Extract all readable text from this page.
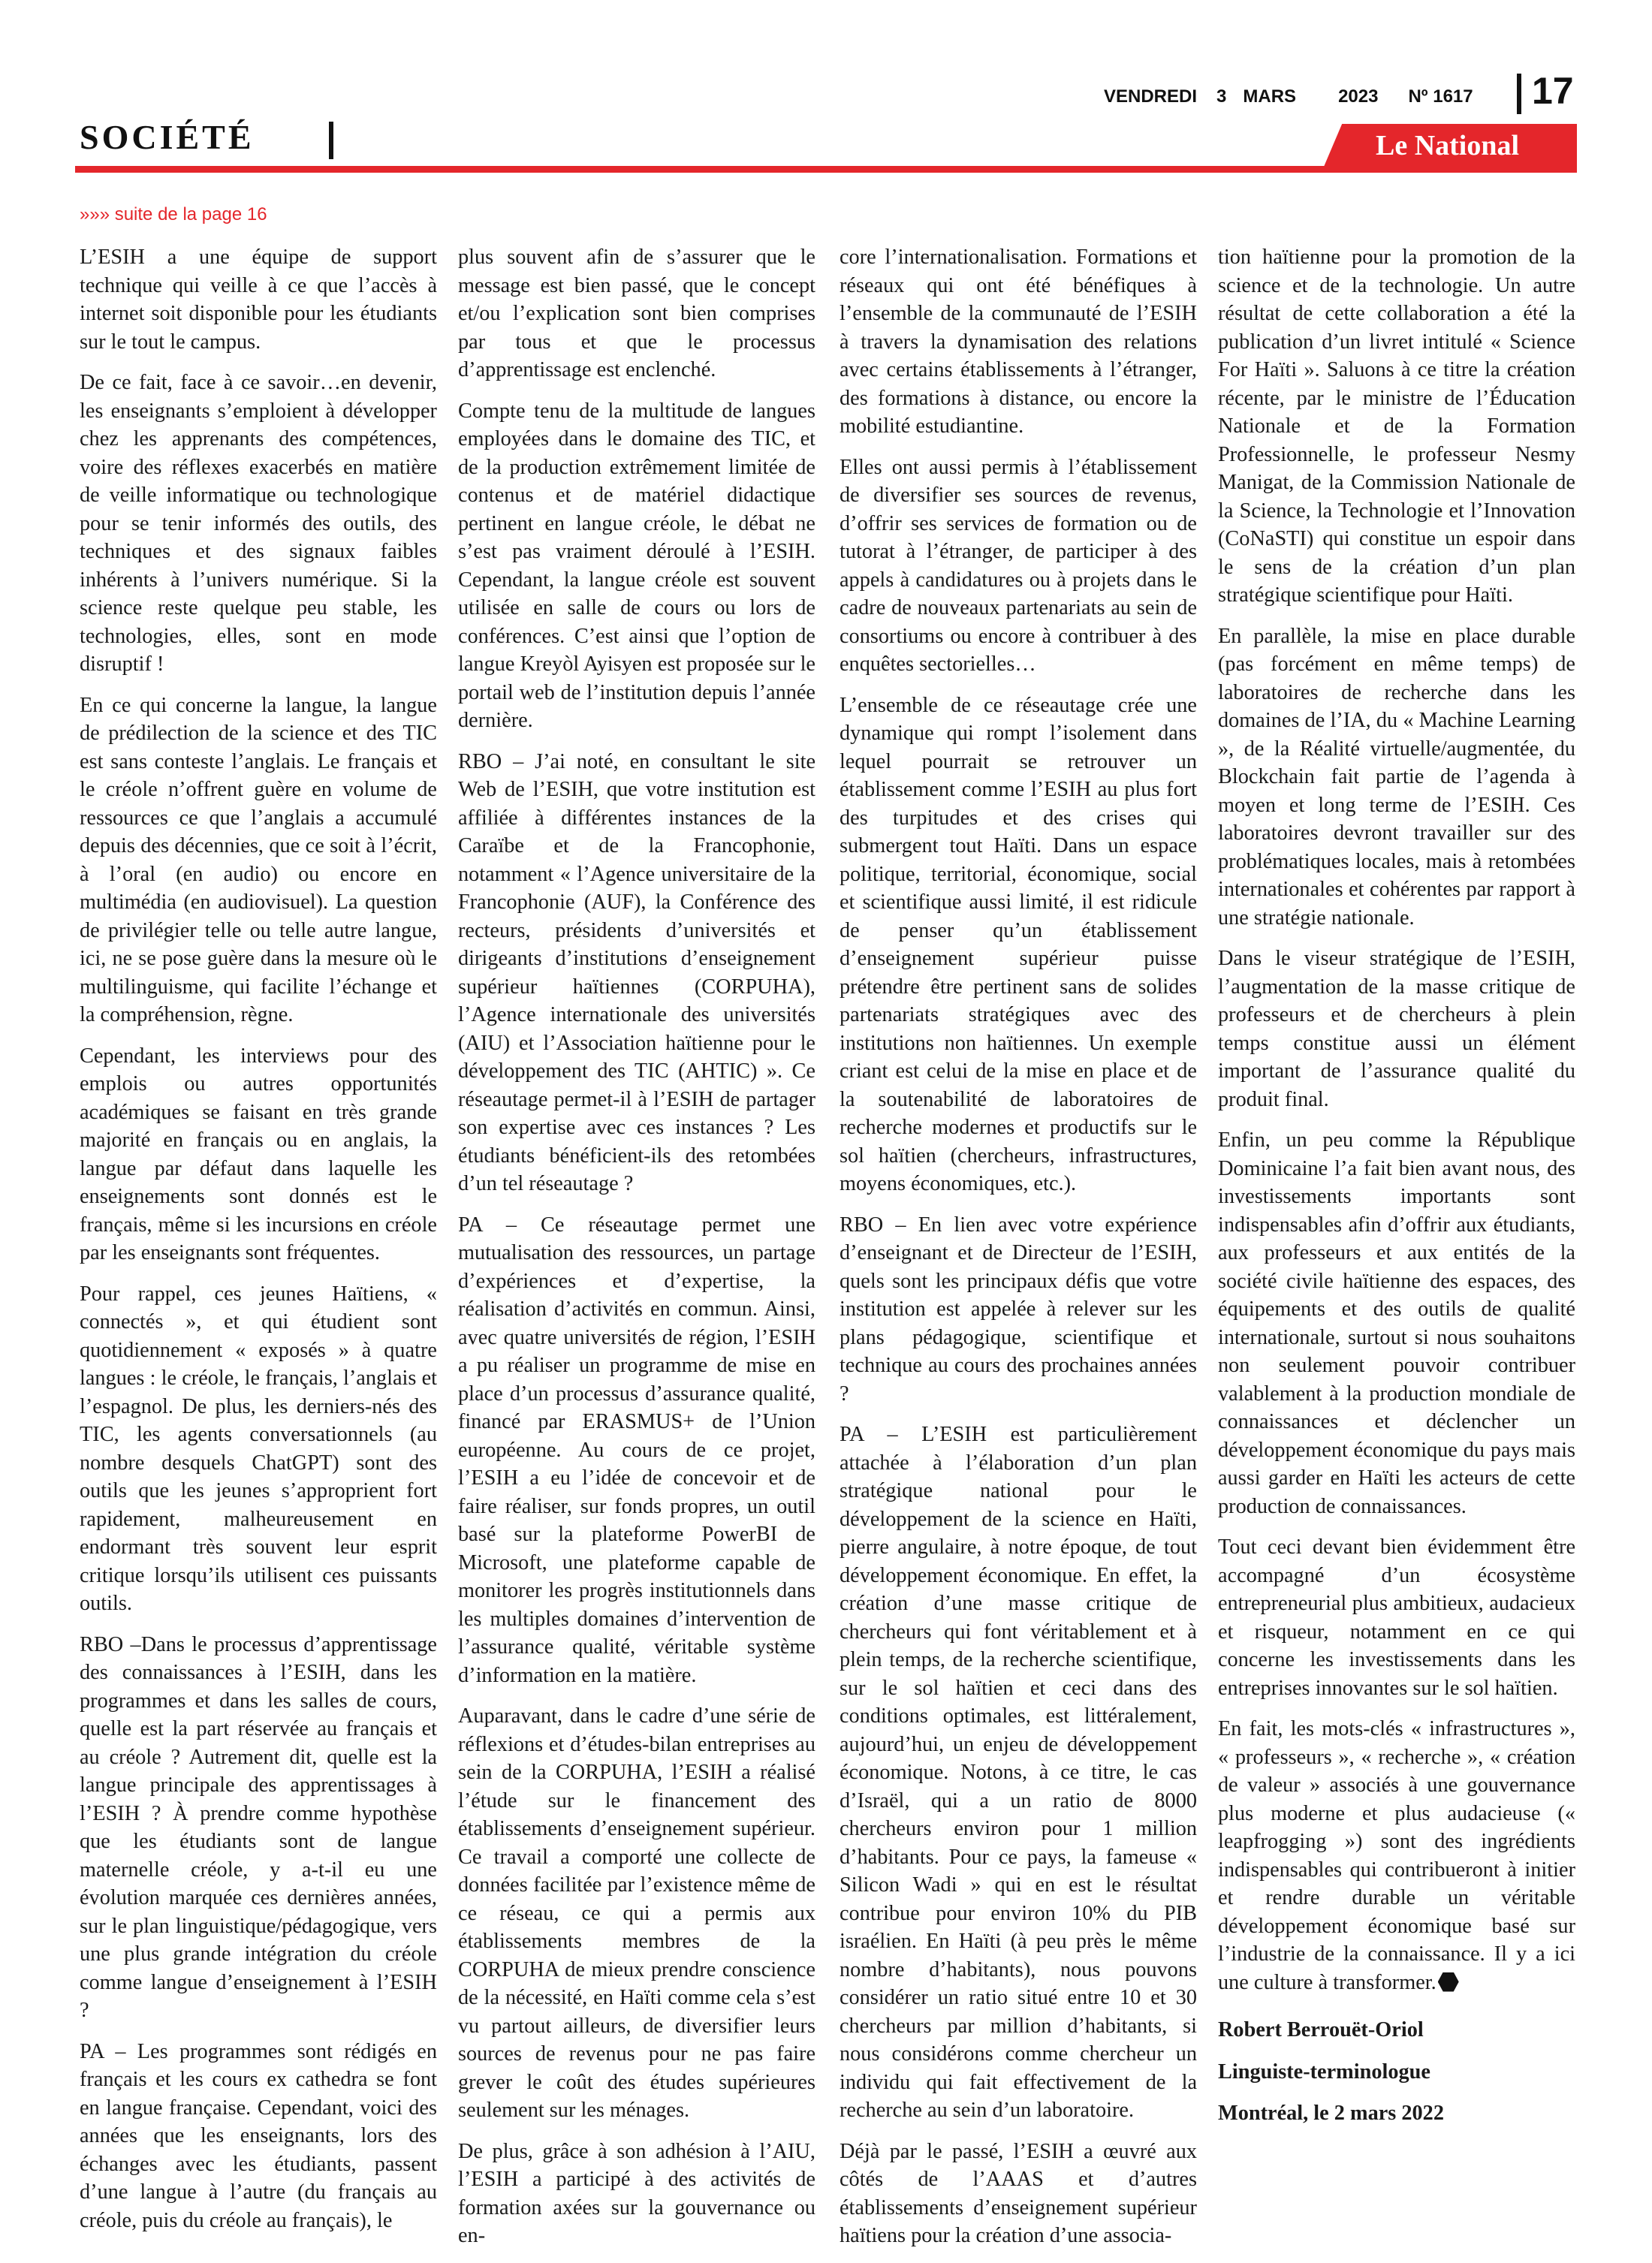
SOCIÉTÉ
VENDREDI 3 MARS 2023 Nº 1617 17
Le National
»»» suite de la page 16

L’ESIH a une équipe de support technique qui veille à ce que l’accès à internet soit disponible pour les étudiants sur le tout le campus.

De ce fait, face à ce savoir…en devenir, les enseignants s’emploient à développer chez les apprenants des compétences, voire des réflexes exacerbés en matière de veille informatique ou technologique pour se tenir informés des outils, des techniques et des signaux faibles inhérents à l’univers numérique. Si la science reste quelque peu stable, les technologies, elles, sont en mode disruptif !

En ce qui concerne la langue, la langue de prédilection de la science et des TIC est sans conteste l’anglais. Le français et le créole n’offrent guère en volume de ressources ce que l’anglais a accumulé depuis des décennies, que ce soit à l’écrit, à l’oral (en audio) ou encore en multimédia (en audiovisuel). La question de privilégier telle ou telle autre langue, ici, ne se pose guère dans la mesure où le multilinguisme, qui facilite l’échange et la compréhension, règne.

Cependant, les interviews pour des emplois ou autres opportunités académiques se faisant en très grande majorité en français ou en anglais, la langue par défaut dans laquelle les enseignements sont donnés est le français, même si les incursions en créole par les enseignants sont fréquentes.

Pour rappel, ces jeunes Haïtiens, « connectés », et qui étudient sont quotidiennement « exposés » à quatre langues : le créole, le français, l’anglais et l’espagnol. De plus, les derniers-nés des TIC, les agents conversationnels (au nombre desquels ChatGPT) sont des outils que les jeunes s’approprient fort rapidement, malheureusement en endormant très souvent leur esprit critique lorsqu’ils utilisent ces puissants outils.

RBO –Dans le processus d’apprentissage des connaissances à l’ESIH, dans les programmes et dans les salles de cours, quelle est la part réservée au français et au créole ? Autrement dit, quelle est la langue principale des apprentissages à l’ESIH ? À prendre comme hypothèse que les étudiants sont de langue maternelle créole, y a-t-il eu une évolution marquée ces dernières années, sur le plan linguistique/pédagogique, vers une plus grande intégration du créole comme langue d’enseignement à l’ESIH ?

PA – Les programmes sont rédigés en français et les cours ex cathedra se font en langue française. Cependant, voici des années que les enseignants, lors des échanges avec les étudiants, passent d’une langue à l’autre (du français au créole, puis du créole au français), le

plus souvent afin de s’assurer que le message est bien passé, que le concept et/ou l’explication sont bien comprises par tous et que le processus d’apprentissage est enclenché.

Compte tenu de la multitude de langues employées dans le domaine des TIC, et de la production extrêmement limitée de contenus et de matériel didactique pertinent en langue créole, le débat ne s’est pas vraiment déroulé à l’ESIH. Cependant, la langue créole est souvent utilisée en salle de cours ou lors de conférences. C’est ainsi que l’option de langue Kreyòl Ayisyen est proposée sur le portail web de l’institution depuis l’année dernière.

RBO – J’ai noté, en consultant le site Web de l’ESIH, que votre institution est affiliée à différentes instances de la Caraïbe et de la Francophonie, notamment « l’Agence universitaire de la Francophonie (AUF), la Conférence des recteurs, présidents d’universités et dirigeants d’institutions d’enseignement supérieur haïtiennes (CORPUHA), l’Agence internationale des universités (AIU) et l’Association haïtienne pour le développement des TIC (AHTIC) ». Ce réseautage permet-il à l’ESIH de partager son expertise avec ces instances ? Les étudiants bénéficient-ils des retombées d’un tel réseautage ?

PA – Ce réseautage permet une mutualisation des ressources, un partage d’expériences et d’expertise, la réalisation d’activités en commun. Ainsi, avec quatre universités de région, l’ESIH a pu réaliser un programme de mise en place d’un processus d’assurance qualité, financé par ERASMUS+ de l’Union européenne. Au cours de ce projet, l’ESIH a eu l’idée de concevoir et de faire réaliser, sur fonds propres, un outil basé sur la plateforme PowerBI de Microsoft, une plateforme capable de monitorer les progrès institutionnels dans les multiples domaines d’intervention de l’assurance qualité, véritable système d’information en la matière.

Auparavant, dans le cadre d’une série de réflexions et d’études-bilan entreprises au sein de la CORPUHA, l’ESIH a réalisé l’étude sur le financement des établissements d’enseignement supérieur. Ce travail a comporté une collecte de données facilitée par l’existence même de ce réseau, ce qui a permis aux établissements membres de la CORPUHA de mieux prendre conscience de la nécessité, en Haïti comme cela s’est vu partout ailleurs, de diversifier leurs sources de revenus pour ne pas faire grever le coût des études supérieures seulement sur les ménages.

De plus, grâce à son adhésion à l’AIU, l’ESIH a participé à des activités de formation axées sur la gouvernance ou en-

core l’internationalisation. Formations et réseaux qui ont été bénéfiques à l’ensemble de la communauté de l’ESIH à travers la dynamisation des relations avec certains établissements à l’étranger, des formations à distance, ou encore la mobilité estudiantine.

Elles ont aussi permis à l’établissement de diversifier ses sources de revenus, d’offrir ses services de formation ou de tutorat à l’étranger, de participer à des appels à candidatures ou à projets dans le cadre de nouveaux partenariats au sein de consortiums ou encore à contribuer à des enquêtes sectorielles…

L’ensemble de ce réseautage crée une dynamique qui rompt l’isolement dans lequel pourrait se retrouver un établissement comme l’ESIH au plus fort des turpitudes et des crises qui submergent tout Haïti. Dans un espace politique, territorial, économique, social et scientifique aussi limité, il est ridicule de penser qu’un établissement d’enseignement supérieur puisse prétendre être pertinent sans de solides partenariats stratégiques avec des institutions non haïtiennes. Un exemple criant est celui de la mise en place et de la soutenabilité de laboratoires de recherche modernes et productifs sur le sol haïtien (chercheurs, infrastructures, moyens économiques, etc.).

RBO – En lien avec votre expérience d’enseignant et de Directeur de l’ESIH, quels sont les principaux défis que votre institution est appelée à relever sur les plans pédagogique, scientifique et technique au cours des prochaines années ?

PA – L’ESIH est particulièrement attachée à l’élaboration d’un plan stratégique national pour le développement de la science en Haïti, pierre angulaire, à notre époque, de tout développement économique. En effet, la création d’une masse critique de chercheurs qui font véritablement et à plein temps, de la recherche scientifique, sur le sol haïtien et ceci dans des conditions optimales, est littéralement, aujourd’hui, un enjeu de développement économique. Notons, à ce titre, le cas d’Israël, qui a un ratio de 8000 chercheurs environ pour 1 million d’habitants. Pour ce pays, la fameuse « Silicon Wadi » qui en est le résultat contribue pour environ 10% du PIB israélien. En Haïti (à peu près le même nombre d’habitants), nous pouvons considérer un ratio situé entre 10 et 30 chercheurs par million d’habitants, si nous considérons comme chercheur un individu qui fait effectivement de la recherche au sein d’un laboratoire.

Déjà par le passé, l’ESIH a œuvré aux côtés de l’AAAS et d’autres établissements d’enseignement supérieur haïtiens pour la création d’une associa-

tion haïtienne pour la promotion de la science et de la technologie. Un autre résultat de cette collaboration a été la publication d’un livret intitulé « Science For Haïti ». Saluons à ce titre la création récente, par le ministre de l’Éducation Nationale et de la Formation Professionnelle, le professeur Nesmy Manigat, de la Commission Nationale de la Science, la Technologie et l’Innovation (CoNaSTI) qui constitue un espoir dans le sens de la création d’un plan stratégique scientifique pour Haïti.

En parallèle, la mise en place durable (pas forcément en même temps) de laboratoires de recherche dans les domaines de l’IA, du « Machine Learning », de la Réalité virtuelle/augmentée, du Blockchain fait partie de l’agenda à moyen et long terme de l’ESIH. Ces laboratoires devront travailler sur des problématiques locales, mais à retombées internationales et cohérentes par rapport à une stratégie nationale.

Dans le viseur stratégique de l’ESIH, l’augmentation de la masse critique de professeurs et de chercheurs à plein temps constitue aussi un élément important de l’assurance qualité du produit final.

Enfin, un peu comme la République Dominicaine l’a fait bien avant nous, des investissements importants sont indispensables afin d’offrir aux étudiants, aux professeurs et aux entités de la société civile haïtienne des espaces, des équipements et des outils de qualité internationale, surtout si nous souhaitons non seulement pouvoir contribuer valablement à la production mondiale de connaissances et déclencher un développement économique du pays mais aussi garder en Haïti les acteurs de cette production de connaissances.

Tout ceci devant bien évidemment être accompagné d’un écosystème entrepreneurial plus ambitieux, audacieux et risqueur, notamment en ce qui concerne les investissements dans les entreprises innovantes sur le sol haïtien.

En fait, les mots-clés « infrastructures », « professeurs », « recherche », « création de valeur » associés à une gouvernance plus moderne et plus audacieuse (« leapfrogging ») sont des ingrédients indispensables qui contribueront à initier et rendre durable un véritable développement économique basé sur l’industrie de la connaissance. Il y a ici une culture à transformer.

Robert Berrouët-Oriol

Linguiste-terminologue

Montréal, le 2 mars 2022
